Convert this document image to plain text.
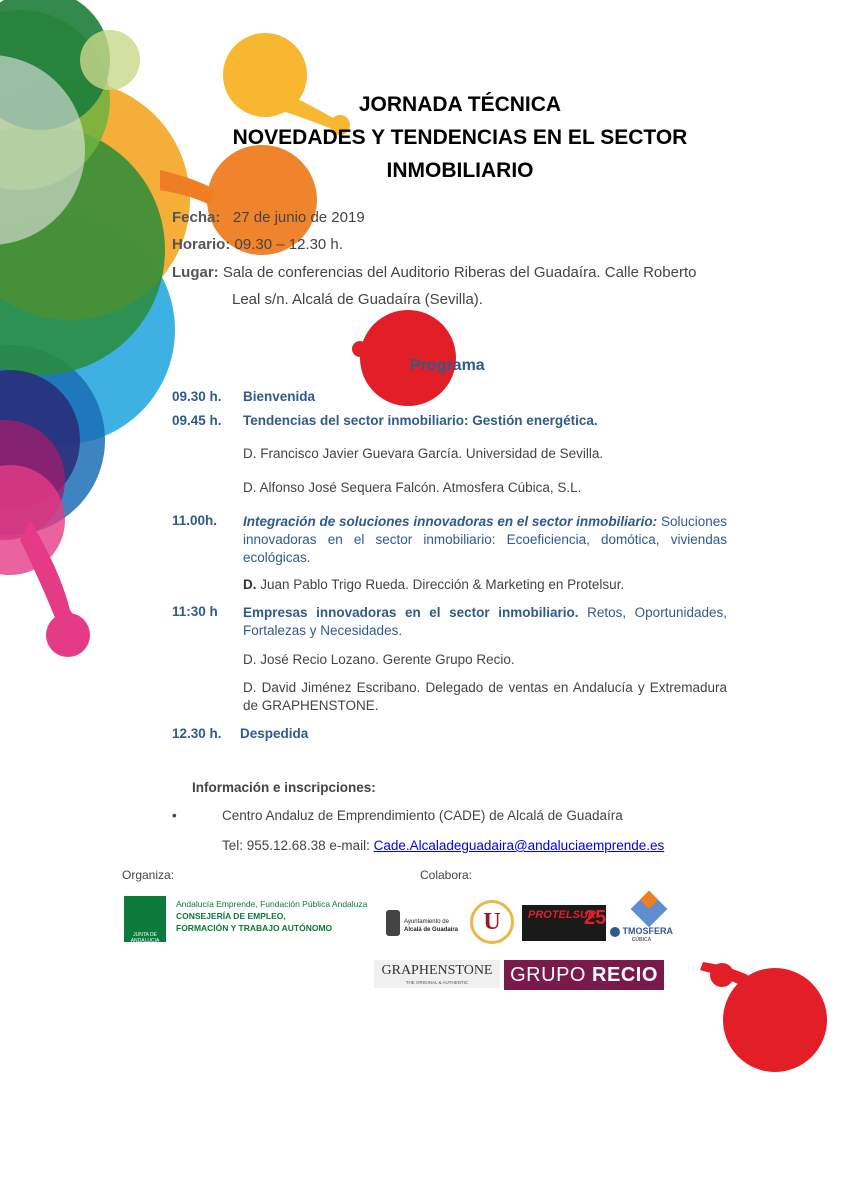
JORNADA TÉCNICA
NOVEDADES Y TENDENCIAS EN EL SECTOR
INMOBILIARIO
Fecha: 27 de junio de 2019
Horario: 09.30 – 12.30 h.
Lugar: Sala de conferencias del Auditorio Riberas del Guadaíra. Calle Roberto
Leal s/n. Alcalá de Guadaíra (Sevilla).
Programa
09.30 h. Bienvenida
09.45 h. Tendencias del sector inmobiliario: Gestión energética.
D. Francisco Javier Guevara García. Universidad de Sevilla.
D. Alfonso José Sequera Falcón. Atmosfera Cúbica, S.L.
11.00h. Integración de soluciones innovadoras en el sector inmobiliario: Soluciones innovadoras en el sector inmobiliario: Ecoeficiencia, domótica, viviendas ecológicas.
D. Juan Pablo Trigo Rueda. Dirección & Marketing en Protelsur.
11:30 h Empresas innovadoras en el sector inmobiliario. Retos, Oportunidades, Fortalezas y Necesidades.
D. José Recio Lozano. Gerente Grupo Recio.
D. David Jiménez Escribano. Delegado de ventas en Andalucía y Extremadura de GRAPHENSTONE.
12.30 h. Despedida
Información e inscripciones:
•	Centro Andaluz de Emprendimiento (CADE) de Alcalá de Guadaíra
Tel: 955.12.68.38 e-mail: Cade.Alcaladeguadaira@andaluciaemprende.es
Organiza:	Colabora:
JUNTA DE ANDALUCIA
Andalucía Emprende, Fundación Pública Andaluza
CONSEJERÍA DE EMPLEO,
FORMACIÓN Y TRABAJO AUTÓNOMO
Ayuntamiento de
Alcalá de Guadaíra	U	PROTELSUR
25
TMOSFERA
CÚBICA
GRAPHENSTONE
THE ORIGINAL & AUTHENTIC	GRUPO RECIO
